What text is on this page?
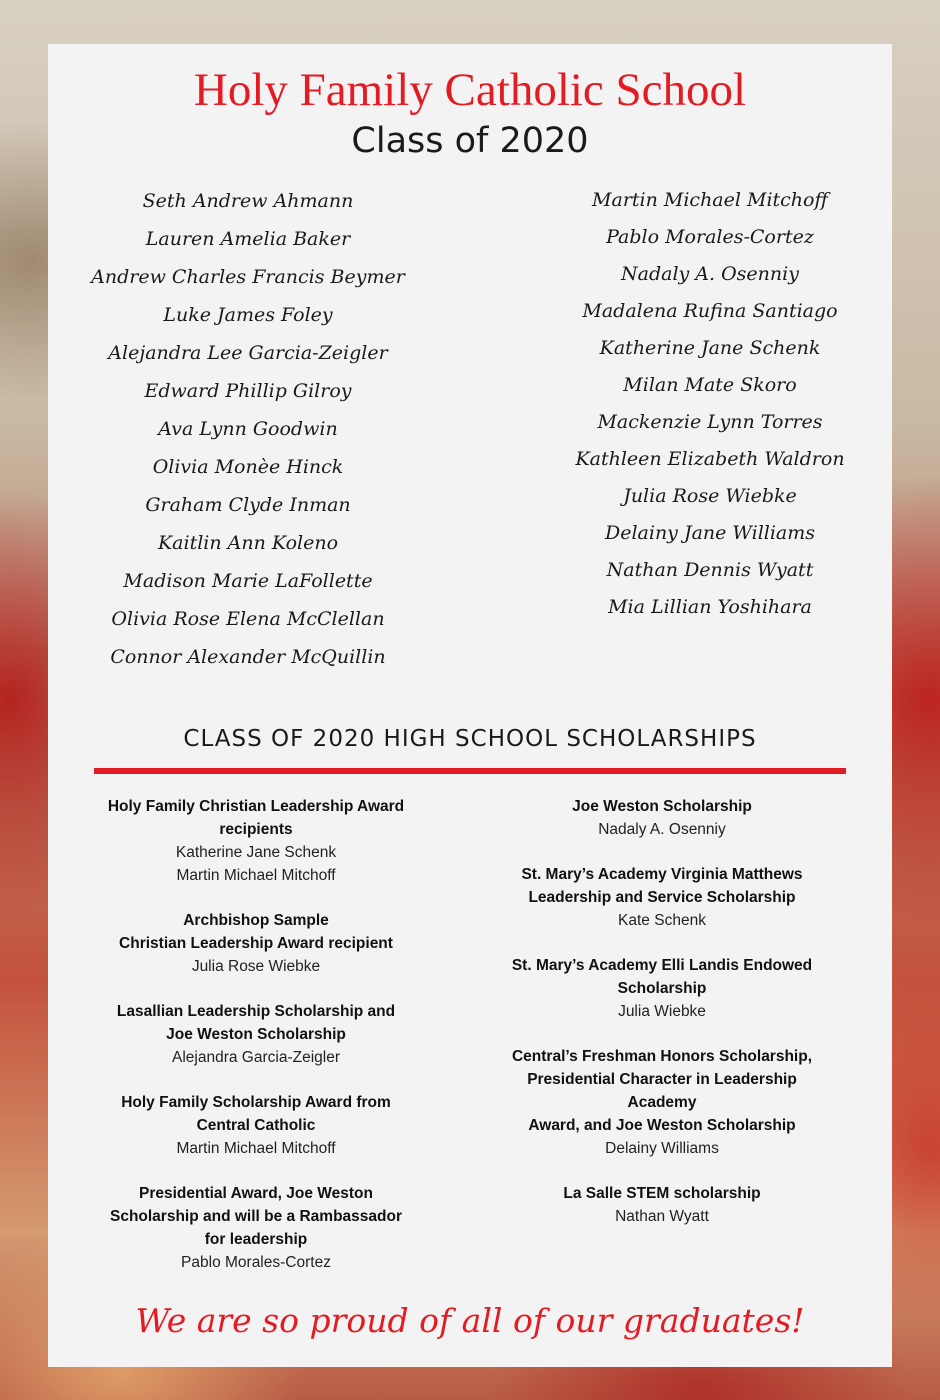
Holy Family Catholic School
Class of 2020
Seth Andrew Ahmann
Lauren Amelia Baker
Andrew Charles Francis Beymer
Luke James Foley
Alejandra Lee Garcia-Zeigler
Edward Phillip Gilroy
Ava Lynn Goodwin
Olivia Monèe Hinck
Graham Clyde Inman
Kaitlin Ann Koleno
Madison Marie LaFollette
Olivia Rose Elena McClellan
Connor Alexander McQuillin
Martin Michael Mitchoff
Pablo Morales-Cortez
Nadaly A. Osenniy
Madalena Rufina Santiago
Katherine Jane Schenk
Milan Mate Skoro
Mackenzie Lynn Torres
Kathleen Elizabeth Waldron
Julia Rose Wiebke
Delainy Jane Williams
Nathan Dennis Wyatt
Mia Lillian Yoshihara
CLASS OF 2020 HIGH SCHOOL SCHOLARSHIPS
Holy Family Christian Leadership Award
recipients
Katherine Jane Schenk
Martin Michael Mitchoff
Archbishop Sample
Christian Leadership Award recipient
Julia Rose Wiebke
Lasallian Leadership Scholarship and
Joe Weston Scholarship
Alejandra Garcia-Zeigler
Holy Family Scholarship Award from
Central Catholic
Martin Michael Mitchoff
Presidential Award, Joe Weston
Scholarship and will be a Rambassador
for leadership
Pablo Morales-Cortez
Joe Weston Scholarship
Nadaly A. Osenniy
St. Mary’s Academy Virginia Matthews
Leadership and Service Scholarship
Kate Schenk
St. Mary’s Academy Elli Landis Endowed
Scholarship
Julia Wiebke
Central’s Freshman Honors Scholarship,
Presidential Character in Leadership Academy
Award, and Joe Weston Scholarship
Delainy Williams
La Salle STEM scholarship
Nathan Wyatt
We are so proud of all of our graduates!
